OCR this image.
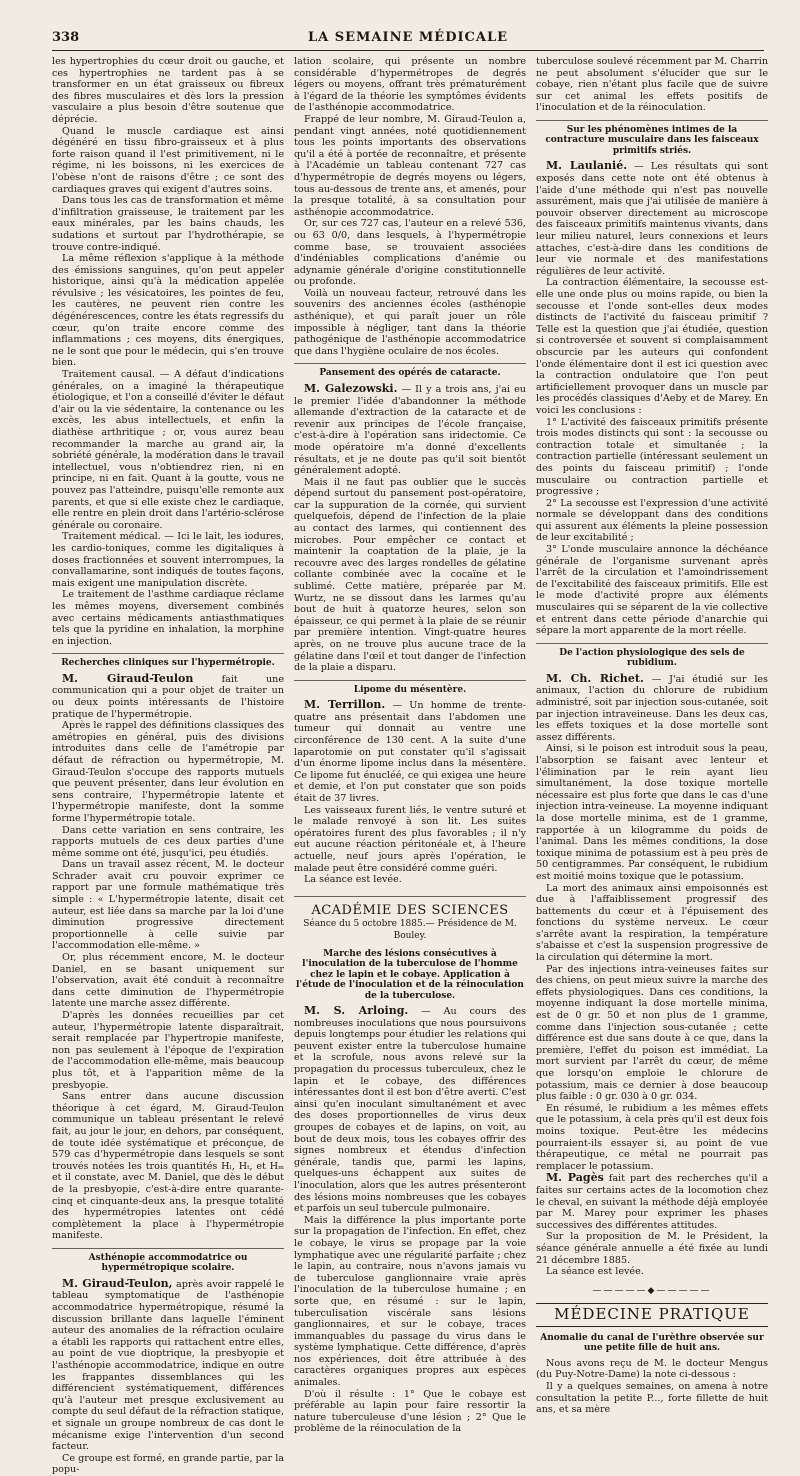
338	LA SEMAINE MÉDICALE

les hypertrophies du cœur droit ou gauche, et ces hypertrophies ne tardent pas à se transformer en un état graisseux ou fibreux des fibres musculaires et dès lors la pression vasculaire a plus besoin d'être soutenue que déprécie.

Quand le muscle cardiaque est ainsi dégénéré en tissu fibro-graisseux et à plus forte raison quand il l'est primitivement, ni le régime, ni les boissons, ni les exercices de l'obèse n'ont de raisons d'être ; ce sont des cardiaques graves qui exigent d'autres soins.

Dans tous les cas de transformation et même d'infiltration graisseuse, le traitement par les eaux minérales, par les bains chauds, les sudations et surtout par l'hydrothérapie, se trouve contre-indiqué.

La même réflexion s'applique à la méthode des émissions sanguines, qu'on peut appeler historique, ainsi qu'à la médication appelée révulsive ; les vésicatoires, les pointes de feu, les cautères, ne peuvent rien contre les dégénérescences, contre les états regressifs du cœur, qu'on traite encore comme des inflammations ; ces moyens, dits énergiques, ne le sont que pour le médecin, qui s'en trouve bien.

Traitement causal. — A défaut d'indications générales, on a imaginé la thérapeutique étiologique, et l'on a conseillé d'éviter le défaut d'air ou la vie sédentaire, la contenance ou les excès, les abus intellectuels, et enfin la diathèse arthritique ; or, vous aurez beau recommander la marche au grand air, la sobriété générale, la modération dans le travail intellectuel, vous n'obtiendrez rien, ni en principe, ni en fait. Quant à la goutte, vous ne pouvez pas l'atteindre, puisqu'elle remonte aux parents, et que si elle existe chez le cardiaque, elle rentre en plein droit dans l'artério-sclérose générale ou coronaire.

Traitement médical. — Ici le lait, les iodures, les cardio-toniques, comme les digitaliques à doses fractionnées et souvent interrompues, la convallamarine, sont indiqués de toutes façons, mais exigent une manipulation discrète.

Le traitement de l'asthme cardiaque réclame les mêmes moyens, diversement combinés avec certains médicaments antiasthmatiques tels que la pyridine en inhalation, la morphine en injection.

Recherches cliniques sur l'hypermétropie.

M. Giraud-Teulon	fait une communication qui a pour objet de traiter un ou deux points intéressants de l'histoire pratique de l'hypermétropie.

Après le rappel des définitions classiques des amétropies en général, puis des divisions introduites dans celle de l'amétropie par défaut de réfraction ou hypermétropie, M. Giraud-Teulon s'occupe des rapports mutuels que peuvent présenter, dans leur évolution en sens contraire, l'hypermétropie latente et l'hypermétropie manifeste, dont la somme forme l'hypermétropie totale.

Dans cette variation en sens contraire, les rapports mutuels de ces deux parties d'une même somme ont été, jusqu'ici, peu étudiés.

Dans un travail assez récent, M. le docteur Schrader avait cru pouvoir exprimer ce rapport par une formule mathématique très simple : « L'hypermétropie latente, disait cet auteur, est liée dans sa marche par la loi d'une diminution progressive directement proportionnelle à celle suivie par l'accommodation elle-même. »

Or, plus récemment encore, M. le docteur Daniel, en se basant uniquement sur l'observation, avait été conduit à reconnaître dans cette diminution de l'hypermétropie latente une marche assez différente.

D'après les données recueillies par cet auteur, l'hypermétropie latente disparaîtrait, serait remplacée par l'hypertropie manifeste, non pas seulement à l'époque de l'expiration de l'accommodation elle-même, mais beaucoup plus tôt, et à l'apparition même de la presbyopie.

Sans entrer dans aucune discussion théorique à cet égard, M. Giraud-Teulon communique un tableau présentant le relevé fait, au jour le jour, en dehors, par conséquent, de toute idée systématique et préconçue, de 579 cas d'hypermétropie dans lesquels se sont trouvés notées les trois quantités Hₗ, Hₜ, et Hₘ et il constate, avec M. Daniel, que dès le début de la presbyopie, c'est-à-dire entre quarante-cinq et cinquante-deux ans, la presque totalité des hypermétropies latentes ont cédé complètement la place à l'hypermétropie manifeste.

Asthénopie accommodatrice ou hypermétropique scolaire.

M. Giraud-Teulon, après avoir rappelé le tableau symptomatique de l'asthénopie accommodatrice hypermétropique, résumé la discussion brillante dans laquelle l'éminent auteur des anomalies de la réfraction oculaire a établi les rapports qui rattachent entre elles, au point de vue dioptrique, la presbyopie et l'asthénopie accommodatrice, indique en outre les frappantes dissemblances qui les différencient systématiquement, différences qu'à l'auteur met presque exclusivement au compte du seul défaut de la réfraction statique, et signale un groupe nombreux de cas dont le mécanisme exige l'intervention d'un second facteur.

Ce groupe est formé, en grande partie, par la popu-

lation scolaire, qui présente un nombre considérable d'hypermétropes de degrés légers ou moyens, offrant très prématurément à l'égard de la théorie les symptômes évidents de l'asthénopie accommodatrice.

Frappé de leur nombre, M. Giraud-Teulon a, pendant vingt années, noté quotidiennement tous les points importants des observations qu'il a été à portée de reconnaître, et présente à l'Académie un tableau contenant 727 cas d'hypermétropie de degrés moyens ou légers, tous au-dessous de trente ans, et amenés, pour la presque totalité, à sa consultation pour asthénopie accommodatrice.

Or, sur ces 727 cas, l'auteur en a relevé 536, ou 63 0/0, dans lesquels, à l'hypermétropie comme base, se trouvaient associées d'indéniables complications d'anémie ou adynamie générale d'origine constitutionnelle ou profonde.

Voilà un nouveau facteur, retrouvé dans les souvenirs des anciennes écoles (asthénopie asthénique), et qui paraît jouer un rôle impossible à négliger, tant dans la théorie pathogénique de l'asthénopie accommodatrice que dans l'hygiène oculaire de nos écoles.

Pansement des opérés de cataracte.

M. Galezowski. — Il y a trois ans, j'ai eu le premier l'idée d'abandonner la méthode allemande d'extraction de la cataracte et de revenir aux principes de l'école française, c'est-à-dire à l'opération sans iridectomie. Ce mode opératoire m'a donné d'excellents résultats, et je ne doute pas qu'il soit bientôt généralement adopté.

Mais il ne faut pas oublier que le succès dépend surtout du pansement post-opératoire, car la suppuration de la cornée, qui survient quelquefois, dépend de l'infection de la plaie au contact des larmes, qui contiennent des microbes. Pour empêcher ce contact et maintenir la coaptation de la plaie, je la recouvre avec des larges rondelles de gélatine collante combinée avec la cocaïne et le sublimé. Cette matière, préparée par M. Wurtz, ne se dissout dans les larmes qu'au bout de huit à quatorze heures, selon son épaisseur, ce qui permet à la plaie de se réunir par première intention. Vingt-quatre heures après, on ne trouve plus aucune trace de la gélatine dans l'œil et tout danger de l'infection de la plaie a disparu.

Lipome du mésentère.

M. Terrillon. — Un homme de trente-quatre ans présentait dans l'abdomen une tumeur qui donnait au ventre une circonférence de 130 cent. A la suite d'une laparotomie on put constater qu'il s'agissait d'un énorme lipome inclus dans la mésentère. Ce lipome fut énucléé, ce qui exigea une heure et demie, et l'on put constater que son poids était de 37 livres.

Les vaisseaux furent liés, le ventre suturé et le malade renvoyé à son lit. Les suites opératoires furent des plus favorables ; il n'y eut aucune réaction péritonéale et, à l'heure actuelle, neuf jours après l'opération, le malade peut être considéré comme guéri.

La séance est levée.

ACADÉMIE DES SCIENCES
Séance du 5 octobre 1885.— Présidence de M. Bouley.
Marche des lésions consécutives à l'inoculation de la tuberculose de l'homme chez le lapin et le cobaye. Application à l'étude de l'inoculation et de la réinoculation de la tuberculose.

M. S. Arloing. — Au cours des nombreuses inoculations que nous poursuivons depuis longtemps pour étudier les relations qui peuvent exister entre la tuberculose humaine et la scrofule, nous avons relevé sur la propagation du processus tuberculeux, chez le lapin et le cobaye, des différences intéressantes dont il est bon d'être averti. C'est ainsi qu'en inoculant simultanément et avec des doses proportionnelles de virus deux groupes de cobayes et de lapins, on voit, au bout de deux mois, tous les cobayes offrir des signes nombreux et étendus d'infection générale, tandis que, parmi les lapins, quelques-uns échappent aux suites de l'inoculation, alors que les autres présenteront des lésions moins nombreuses que les cobayes et parfois un seul tubercule pulmonaire.

Mais la différence la plus importante porte sur la propagation de l'infection. En effet, chez le cobaye, le virus se propage par la voie lymphatique avec une régularité parfaite ; chez le lapin, au contraire, nous n'avons jamais vu de tuberculose ganglionnaire vraie après l'inoculation de la tuberculose humaine ; en sorte que, en résumé : sur le lapin, tuberculisation viscérale sans lésions ganglionnaires, et sur le cobaye, traces immanquables du passage du virus dans le système lymphatique. Cette différence, d'après nos expériences, doit être attribuée à des caractères organiques propres aux espèces animales.

D'où il résulte : 1° Que le cobaye est préférable au lapin pour faire ressortir la nature tuberculeuse d'une lésion ; 2° Que le problème de la réinoculation de la

tuberculose soulevé récemment par M. Charrin ne peut absolument s'élucider que sur le cobaye, rien n'étant plus facile que de suivre sur cet animal les effets positifs de l'inoculation et de la réinoculation.

Sur les phénomènes intimes de la contracture musculaire dans les faisceaux primitifs striés.

M. Laulanié. — Les résultats qui sont exposés dans cette note ont été obtenus à l'aide d'une méthode qui n'est pas nouvelle assurément, mais que j'ai utilisée de manière à pouvoir observer directement au microscope des faisceaux primitifs maintenus vivants, dans leur milieu naturel, leurs connexions et leurs attaches, c'est-à-dire dans les conditions de leur vie normale et des manifestations régulières de leur activité.

La contraction élémentaire, la secousse est-elle une onde plus ou moins rapide, ou bien la secousse et l'onde sont-elles deux modes distincts de l'activité du faisceau primitif ? Telle est la question que j'ai étudiée, question si controversée et souvent si complaisamment obscurcie par les auteurs qui confondent l'onde élémentaire dont il est ici question avec la contraction ondulatoire que l'on peut artificiellement provoquer dans un muscle par les procédés classiques d'Aeby et de Marey. En voici les conclusions :

1° L'activité des faisceaux primitifs présente trois modes distincts qui sont : la secousse ou contraction totale et simultanée ; la contraction partielle (intéressant seulement un des points du faisceau primitif) ; l'onde musculaire ou contraction partielle et progressive ;

2° La secousse est l'expression d'une activité normale se développant dans des conditions qui assurent aux éléments la pleine possession de leur excitabilité ;

3° L'onde musculaire annonce la déchéance générale de l'organisme survenant après l'arrêt de la circulation et l'amoindrissement de l'excitabilité des faisceaux primitifs. Elle est le mode d'activité propre aux éléments musculaires qui se séparent de la vie collective et entrent dans cette période d'anarchie qui sépare la mort apparente de la mort réelle.

De l'action physiologique des sels de rubidium.

M. Ch. Richet. — J'ai étudié sur les animaux, l'action du chlorure de rubidium administré, soit par injection sous-cutanée, soit par injection intraveineuse. Dans les deux cas, les effets toxiques et la dose mortelle sont assez différents.

Ainsi, si le poison est introduit sous la peau, l'absorption se faisant avec lenteur et l'élimination par le rein ayant lieu simultanément, la dose toxique mortelle nécessaire est plus forte que dans le cas d'une injection intra-veineuse. La moyenne indiquant la dose mortelle minima, est de 1 gramme, rapportée à un kilogramme du poids de l'animal. Dans les mêmes conditions, la dose toxique minima de potassium est à peu près de 50 centigrammes. Par conséquent, le rubidium est moitié moins toxique que le potassium.

La mort des animaux ainsi empoisonnés est due à l'affaiblissement progressif des battements du cœur et à l'épuisement des fonctions du système nerveux. Le cœur s'arrête avant la respiration, la température s'abaisse et c'est la suspension progressive de la circulation qui détermine la mort.

Par des injections intra-veineuses faites sur des chiens, on peut mieux suivre la marche des effets physiologiques. Dans ces conditions, la moyenne indiquant la dose mortelle minima, est de 0 gr. 50 et non plus de 1 gramme, comme dans l'injection sous-cutanée ; cette différence est due sans doute à ce que, dans la première, l'effet du poison est immédiat. La mort survient par l'arrêt du cœur, de même que lorsqu'on emploie le chlorure de potassium, mais ce dernier à dose beaucoup plus faible : 0 gr. 030 à 0 gr. 034.

En résumé, le rubidium a les mêmes effets que le potassium, à cela près qu'il est deux fois moins toxique. Peut-être les médecins pourraient-ils essayer si, au point de vue thérapeutique, ce métal ne pourrait pas remplacer le potassium.

M. Pagès fait part des recherches qu'il a faites sur certains actes de la locomotion chez le cheval, en suivant la méthode déjà employée par M. Marey pour exprimer les phases successives des différentes attitudes.

Sur la proposition de M. le Président, la séance générale annuelle a été fixée au lundi 21 décembre 1885.

La séance est levée.

—————◆—————
MÉDECINE PRATIQUE
Anomalie du canal de l'urèthre observée sur une petite fille de huit ans.

Nous avons reçu de M. le docteur Mengus (du Puy-Notre-Dame) la note ci-dessous :

Il y a quelques semaines, on amena à notre consultation la petite P..., forte fillette de huit ans, et sa mère
